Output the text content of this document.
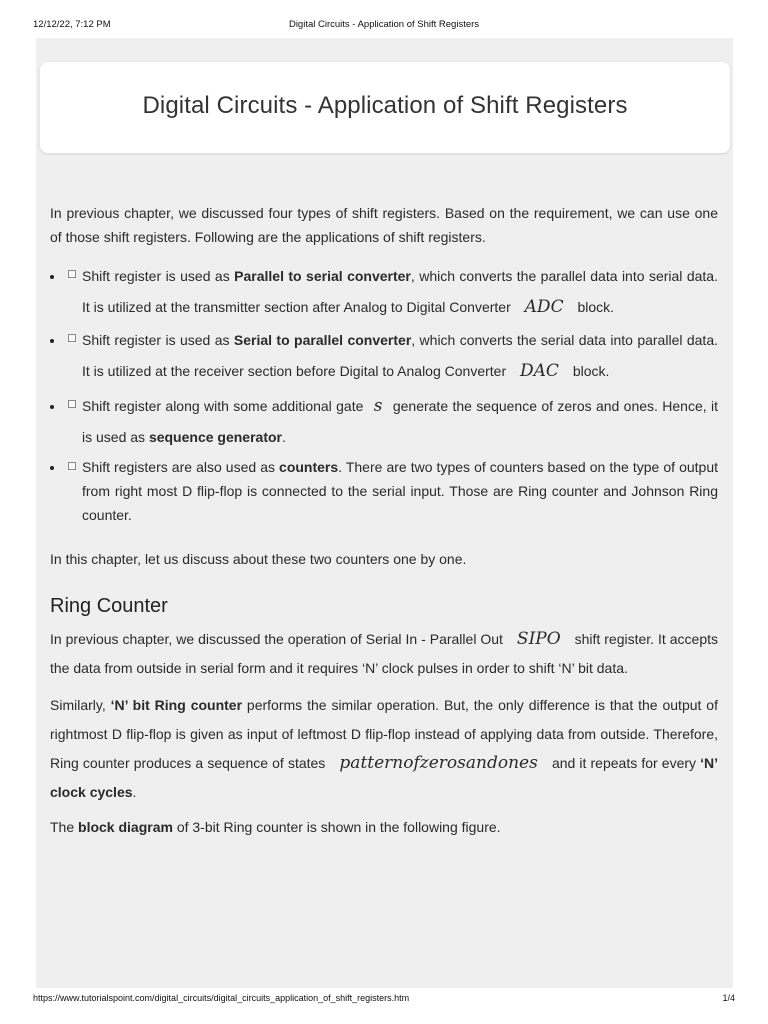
12/12/22, 7:12 PM	Digital Circuits - Application of Shift Registers
Digital Circuits - Application of Shift Registers

In previous chapter, we discussed four types of shift registers. Based on the requirement, we can use one of those shift registers. Following are the applications of shift registers.

Shift register is used as Parallel to serial converter, which converts the parallel data into serial data. It is utilized at the transmitter section after Analog to Digital Converter ADC block.

Shift register is used as Serial to parallel converter, which converts the serial data into parallel data. It is utilized at the receiver section before Digital to Analog Converter DAC block.

Shift register along with some additional gate s generate the sequence of zeros and ones. Hence, it is used as sequence generator.

Shift registers are also used as counters. There are two types of counters based on the type of output from right most D flip-flop is connected to the serial input. Those are Ring counter and Johnson Ring counter.

In this chapter, let us discuss about these two counters one by one.

Ring Counter

In previous chapter, we discussed the operation of Serial In - Parallel Out SIPO shift register. It accepts the data from outside in serial form and it requires ‘N’ clock pulses in order to shift ‘N’ bit data.

Similarly, ‘N’ bit Ring counter performs the similar operation. But, the only difference is that the output of rightmost D flip-flop is given as input of leftmost D flip-flop instead of applying data from outside. Therefore, Ring counter produces a sequence of states patternofzerosandones and it repeats for every ‘N’ clock cycles.

The block diagram of 3-bit Ring counter is shown in the following figure.

https://www.tutorialspoint.com/digital_circuits/digital_circuits_application_of_shift_registers.htm	1/4
